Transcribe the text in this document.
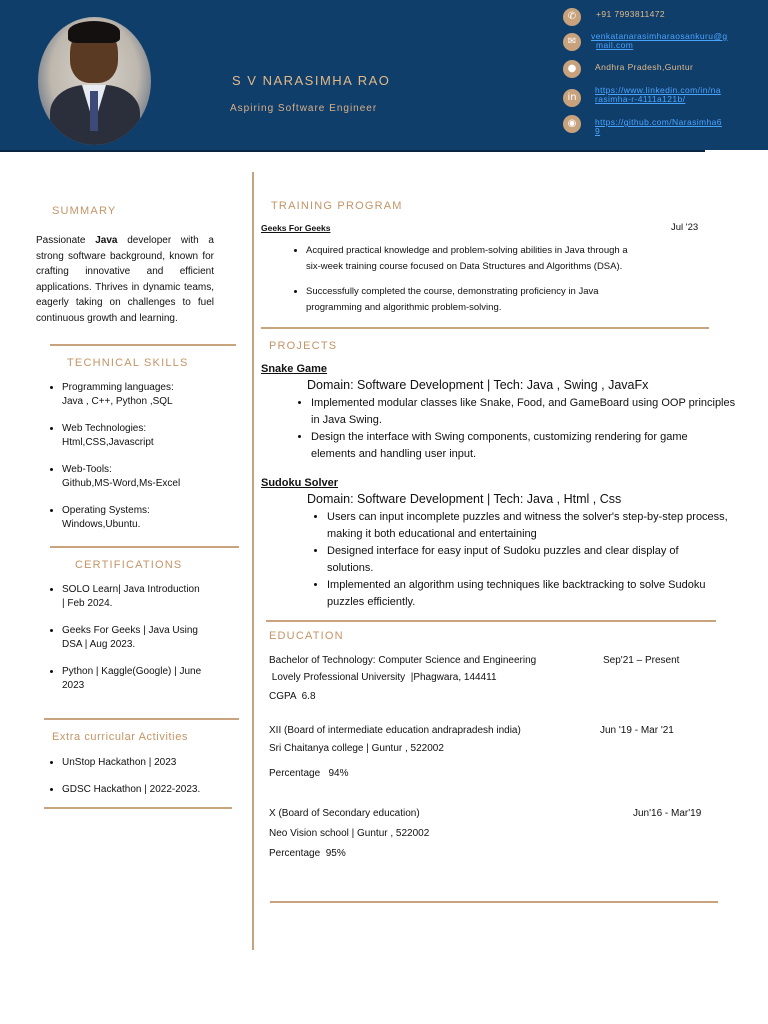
S V NARASIMHA RAO
Aspiring Software Engineer
✆	+91 7993811472
✉	venkatanarasimharaosankuru@g
mail.com
●	Andhra Pradesh,Guntur
in
https://www.linkedin.com/in/na
rasimha-r-4111a121b/
◉	https://github.com/Narasimha6
9
SUMMARY

Passionate Java developer with a strong software background, known for crafting innovative and efficient applications. Thrives in dynamic teams, eagerly taking on challenges to fuel continuous growth and learning.

TECHNICAL SKILLS
• Programming languages:
Java , C++, Python ,SQL
• Web Technologies:
Html,CSS,Javascript
• Web-Tools:
Github,MS-Word,Ms-Excel
• Operating Systems:
Windows,Ubuntu.
CERTIFICATIONS
• SOLO Learn| Java Introduction
| Feb 2024.
• Geeks For Geeks | Java Using
DSA | Aug 2023.
• Python | Kaggle(Google) | June
2023
Extra curricular Activities
• UnStop Hackathon | 2023
• GDSC Hackathon | 2022-2023.
TRAINING PROGRAM
Geeks For Geeks	Jul '23
• Acquired practical knowledge and problem-solving abilities in Java through a
six-week training course focused on Data Structures and Algorithms (DSA).
• Successfully completed the course, demonstrating proficiency in Java
programming and algorithmic problem-solving.
PROJECTS
Snake Game
Domain: Software Development | Tech: Java , Swing , JavaFx
• Implemented modular classes like Snake, Food, and GameBoard using OOP principles
in Java Swing.
• Design the interface with Swing components, customizing rendering for game
elements and handling user input.
Sudoku Solver
Domain: Software Development | Tech: Java , Html , Css
• Users can input incomplete puzzles and witness the solver's step-by-step process,
making it both educational and entertaining
• Designed interface for easy input of Sudoku puzzles and clear display of
solutions.
• Implemented an algorithm using techniques like backtracking to solve Sudoku
puzzles efficiently.
EDUCATION
Bachelor of Technology: Computer Science and Engineering	Sep'21 – Present
Lovely Professional University  |Phagwara, 144411
CGPA  6.8
XII (Board of intermediate education andrapradesh india)	Jun '19 - Mar '21
Sri Chaitanya college | Guntur , 522002
Percentage   94%
X (Board of Secondary education)	Jun'16 - Mar'19
Neo Vision school | Guntur , 522002
Percentage  95%
